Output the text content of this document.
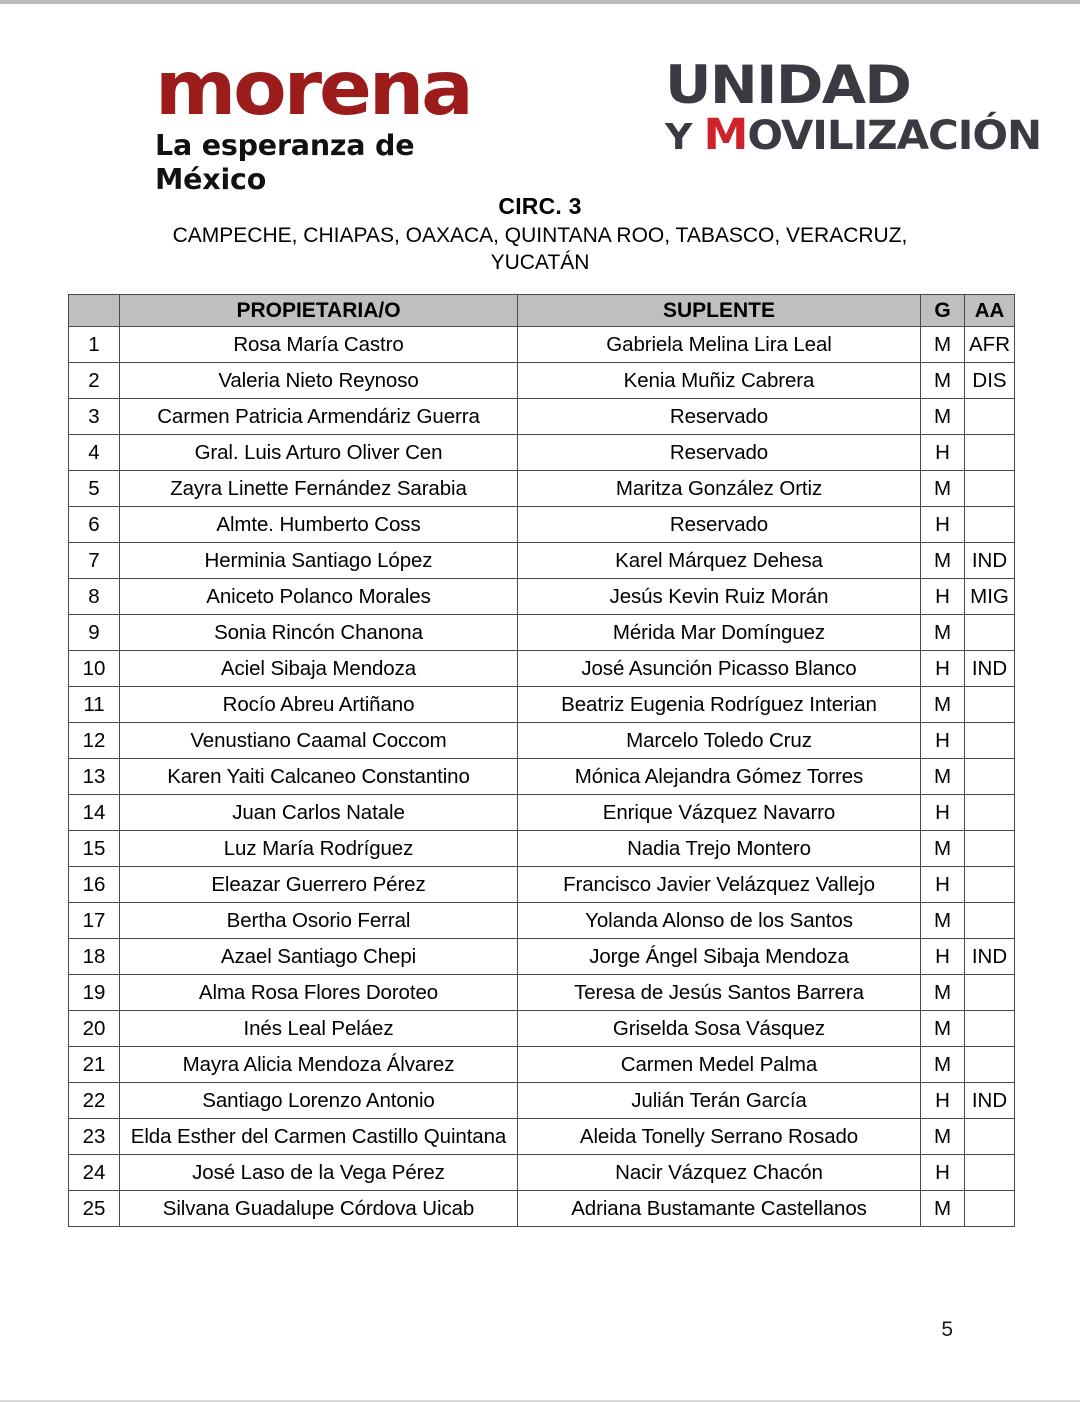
morena
La esperanza de México
UNIDAD
Y MOVILIZACIÓN
CIRC. 3
CAMPECHE, CHIAPAS, OAXACA, QUINTANA ROO, TABASCO, VERACRUZ, YUCATÁN
	PROPIETARIA/O	SUPLENTE	G	AA
1	Rosa María Castro	Gabriela Melina Lira Leal	M	AFR
2	Valeria Nieto Reynoso	Kenia Muñiz Cabrera	M	DIS
3	Carmen Patricia Armendáriz Guerra	Reservado	M	
4	Gral. Luis Arturo Oliver Cen	Reservado	H	
5	Zayra Linette Fernández Sarabia	Maritza González Ortiz	M	
6	Almte. Humberto Coss	Reservado	H	
7	Herminia Santiago López	Karel Márquez Dehesa	M	IND
8	Aniceto Polanco Morales	Jesús Kevin Ruiz Morán	H	MIG
9	Sonia Rincón Chanona	Mérida Mar Domínguez	M	
10	Aciel Sibaja Mendoza	José Asunción Picasso Blanco	H	IND
11	Rocío Abreu Artiñano	Beatriz Eugenia Rodríguez Interian	M	
12	Venustiano Caamal Coccom	Marcelo Toledo Cruz	H	
13	Karen Yaiti Calcaneo Constantino	Mónica Alejandra Gómez Torres	M	
14	Juan Carlos Natale	Enrique Vázquez Navarro	H	
15	Luz María Rodríguez	Nadia Trejo Montero	M	
16	Eleazar Guerrero Pérez	Francisco Javier Velázquez Vallejo	H	
17	Bertha Osorio Ferral	Yolanda Alonso de los Santos	M	
18	Azael Santiago Chepi	Jorge Ángel Sibaja Mendoza	H	IND
19	Alma Rosa Flores Doroteo	Teresa de Jesús Santos Barrera	M	
20	Inés Leal Peláez	Griselda Sosa Vásquez	M	
21	Mayra Alicia Mendoza Álvarez	Carmen Medel Palma	M	
22	Santiago Lorenzo Antonio	Julián Terán García	H	IND
23	Elda Esther del Carmen Castillo Quintana	Aleida Tonelly Serrano Rosado	M	
24	José Laso de la Vega Pérez	Nacir Vázquez Chacón	H	
25	Silvana Guadalupe Córdova Uicab	Adriana Bustamante Castellanos	M	
5
